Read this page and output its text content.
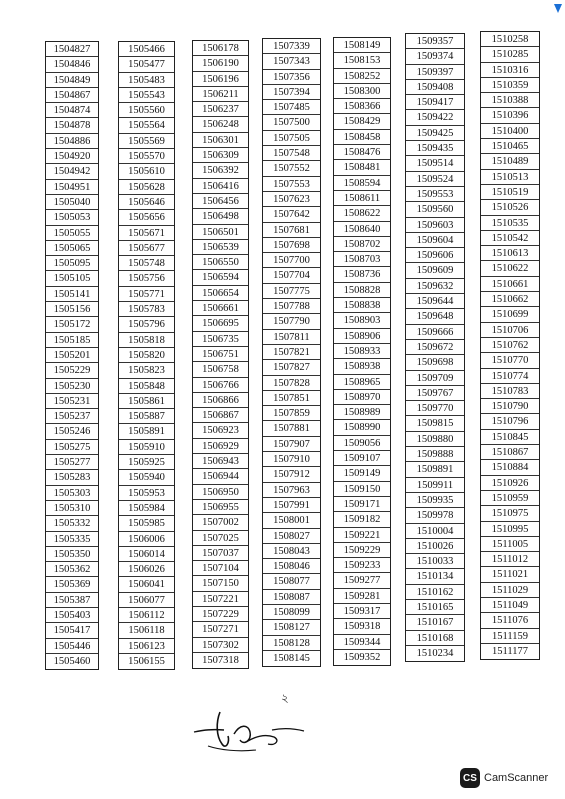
1504827
1504846
1504849
1504867
1504874
1504878
1504886
1504920
1504942
1504951
1505040
1505053
1505055
1505065
1505095
1505105
1505141
1505156
1505172
1505185
1505201
1505229
1505230
1505231
1505237
1505246
1505275
1505277
1505283
1505303
1505310
1505332
1505335
1505350
1505362
1505369
1505387
1505403
1505417
1505446
1505460
1505466
1505477
1505483
1505543
1505560
1505564
1505569
1505570
1505610
1505628
1505646
1505656
1505671
1505677
1505748
1505756
1505771
1505783
1505796
1505818
1505820
1505823
1505848
1505861
1505887
1505891
1505910
1505925
1505940
1505953
1505984
1505985
1506006
1506014
1506026
1506041
1506077
1506112
1506118
1506123
1506155
1506178
1506190
1506196
1506211
1506237
1506248
1506301
1506309
1506392
1506416
1506456
1506498
1506501
1506539
1506550
1506594
1506654
1506661
1506695
1506735
1506751
1506758
1506766
1506866
1506867
1506923
1506929
1506943
1506944
1506950
1506955
1507002
1507025
1507037
1507104
1507150
1507221
1507229
1507271
1507302
1507318
1507339
1507343
1507356
1507394
1507485
1507500
1507505
1507548
1507552
1507553
1507623
1507642
1507681
1507698
1507700
1507704
1507775
1507788
1507790
1507811
1507821
1507827
1507828
1507851
1507859
1507881
1507907
1507910
1507912
1507963
1507991
1508001
1508027
1508043
1508046
1508077
1508087
1508099
1508127
1508128
1508145
1508149
1508153
1508252
1508300
1508366
1508429
1508458
1508476
1508481
1508594
1508611
1508622
1508640
1508702
1508703
1508736
1508828
1508838
1508903
1508906
1508933
1508938
1508965
1508970
1508989
1508990
1509056
1509107
1509149
1509150
1509171
1509182
1509221
1509229
1509233
1509277
1509281
1509317
1509318
1509344
1509352
1509357
1509374
1509397
1509408
1509417
1509422
1509425
1509435
1509514
1509524
1509553
1509560
1509603
1509604
1509606
1509609
1509632
1509644
1509648
1509666
1509672
1509698
1509709
1509767
1509770
1509815
1509880
1509888
1509891
1509911
1509935
1509978
1510004
1510026
1510033
1510134
1510162
1510165
1510167
1510168
1510234
1510258
1510285
1510316
1510359
1510388
1510396
1510400
1510465
1510489
1510513
1510519
1510526
1510535
1510542
1510613
1510622
1510661
1510662
1510699
1510706
1510762
1510770
1510774
1510783
1510790
1510796
1510845
1510867
1510884
1510926
1510959
1510975
1510995
1511005
1511012
1511021
1511029
1511049
1511076
1511159
1511177
২
CS CamScanner
